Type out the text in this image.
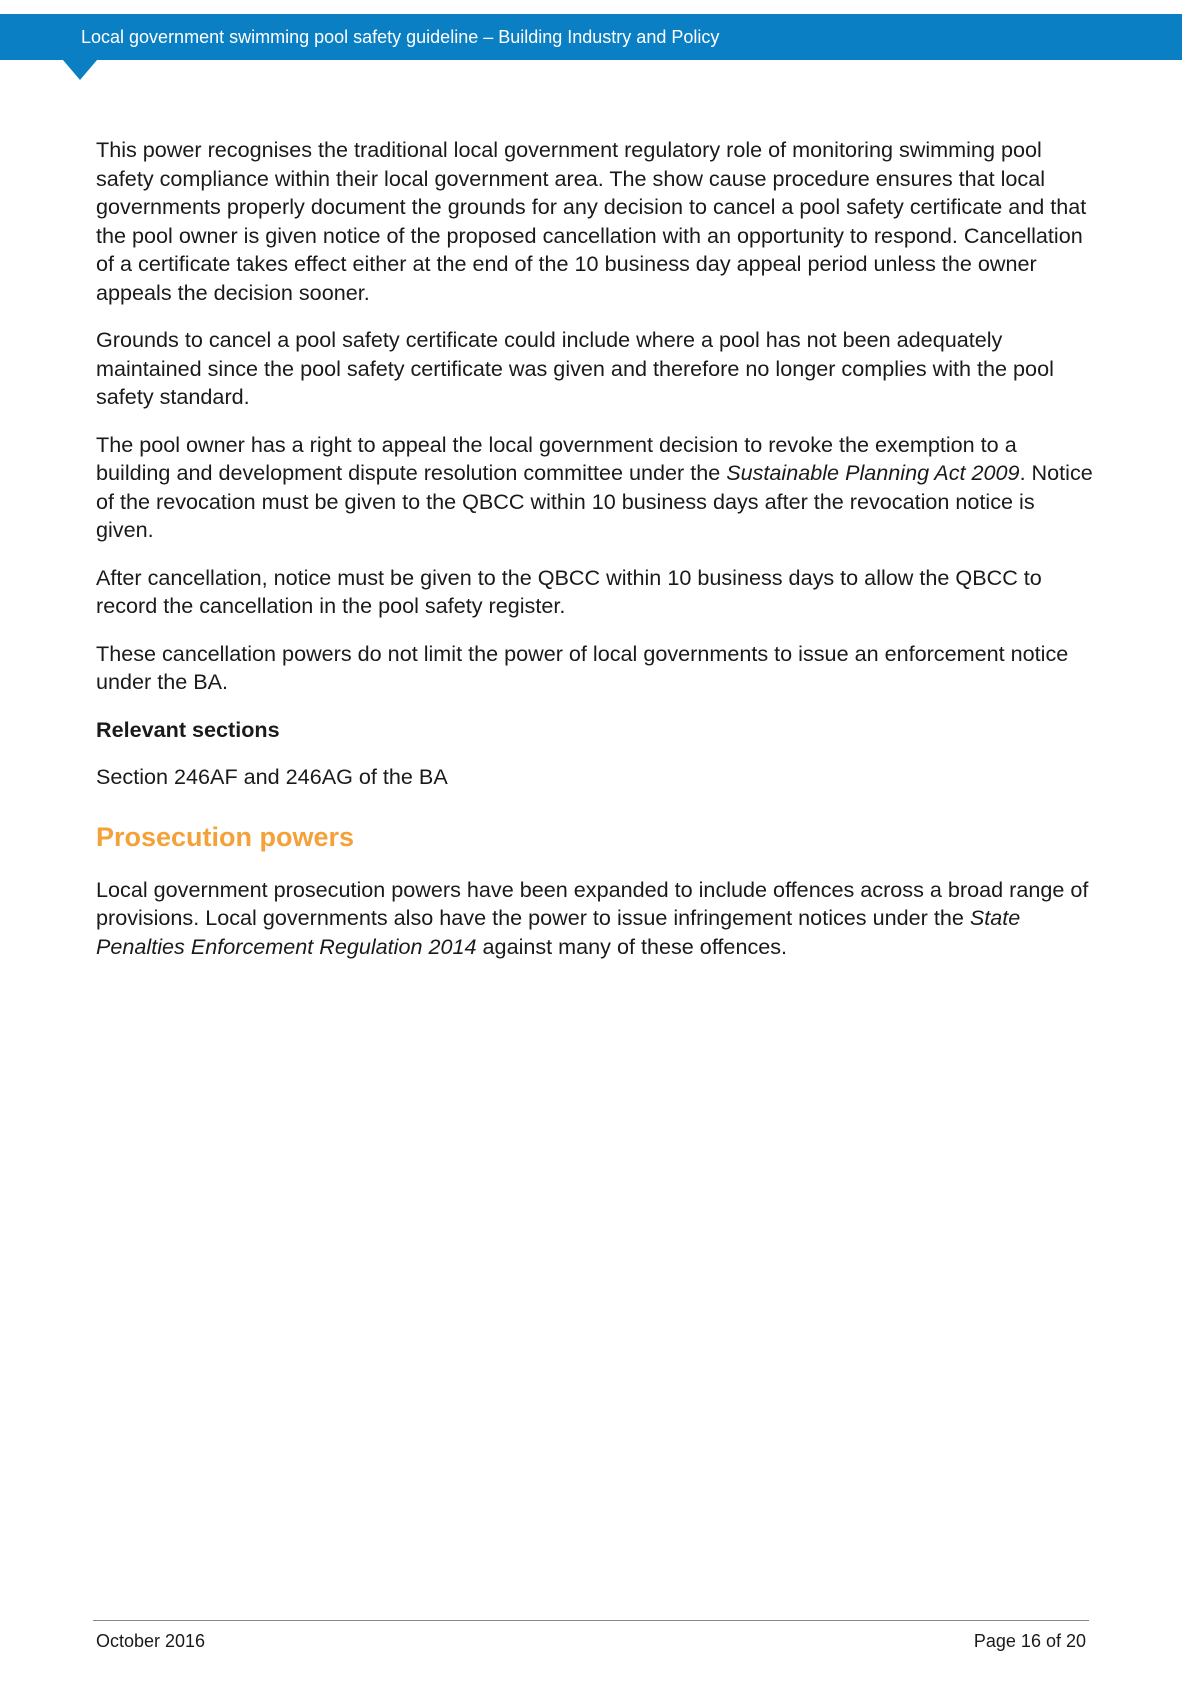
Local government swimming pool safety guideline – Building Industry and Policy

This power recognises the traditional local government regulatory role of monitoring swimming pool safety compliance within their local government area. The show cause procedure ensures that local governments properly document the grounds for any decision to cancel a pool safety certificate and that the pool owner is given notice of the proposed cancellation with an opportunity to respond. Cancellation of a certificate takes effect either at the end of the 10 business day appeal period unless the owner appeals the decision sooner.

Grounds to cancel a pool safety certificate could include where a pool has not been adequately maintained since the pool safety certificate was given and therefore no longer complies with the pool safety standard.

The pool owner has a right to appeal the local government decision to revoke the exemption to a building and development dispute resolution committee under the Sustainable Planning Act 2009. Notice of the revocation must be given to the QBCC within 10 business days after the revocation notice is given.

After cancellation, notice must be given to the QBCC within 10 business days to allow the QBCC to record the cancellation in the pool safety register.

These cancellation powers do not limit the power of local governments to issue an enforcement notice under the BA.

Relevant sections

Section 246AF and 246AG of the BA

Prosecution powers

Local government prosecution powers have been expanded to include offences across a broad range of provisions. Local governments also have the power to issue infringement notices under the State Penalties Enforcement Regulation 2014 against many of these offences.

October 2016	Page 16 of 20
